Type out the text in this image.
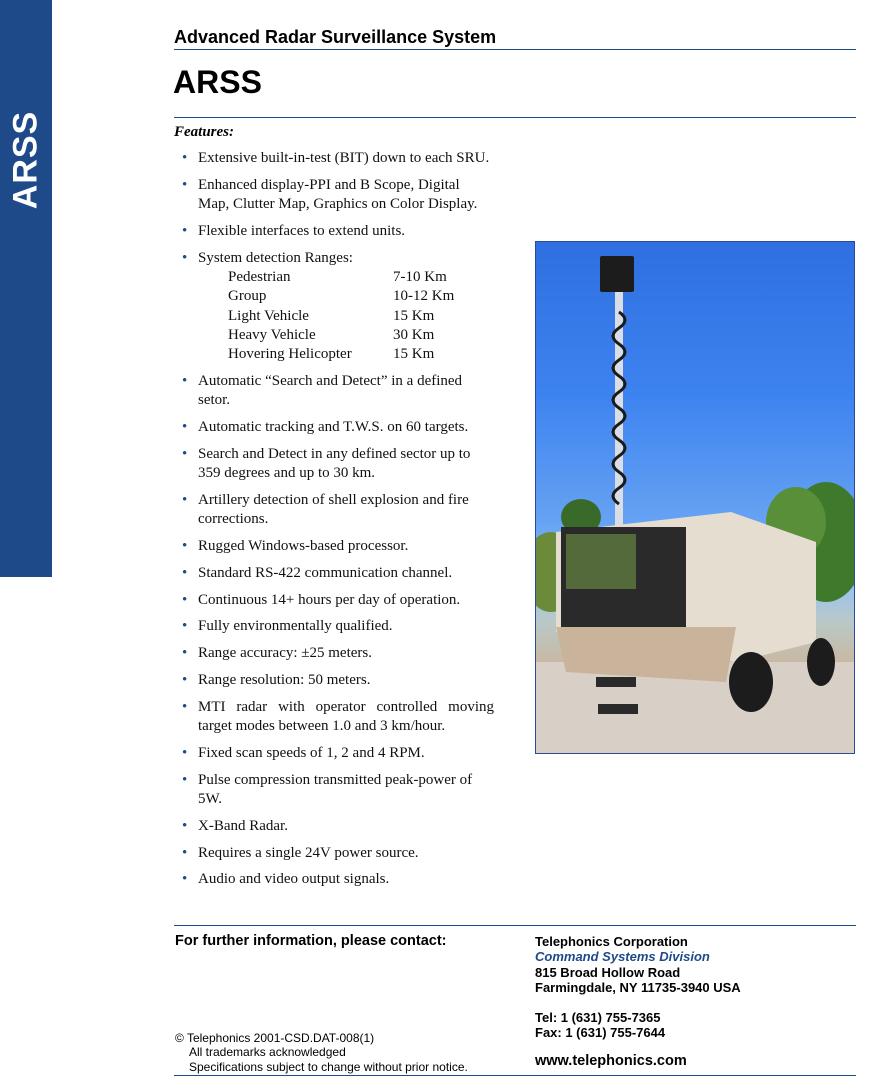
ARSS
Advanced Radar Surveillance System
ARSS
Features:
• Extensive built-in-test (BIT) down to each SRU.
• Enhanced display-PPI and B Scope, Digital Map, Clutter Map, Graphics on Color Display.
• Flexible interfaces to extend units.
• System detection Ranges:
Pedestrian	7-10 Km
Group	10-12 Km
Light Vehicle	15 Km
Heavy Vehicle	30 Km
Hovering Helicopter	15 Km
• Automatic “Search and Detect” in a defined setor.
• Automatic tracking and T.W.S. on 60 targets.
• Search and Detect in any defined sector up to 359 degrees and up to 30 km.
• Artillery detection of shell explosion and fire corrections.
• Rugged Windows-based processor.
• Standard RS-422 communication channel.
• Continuous 14+ hours per day of operation.
• Fully environmentally qualified.
• Range accuracy: ±25 meters.
• Range resolution: 50 meters.
• MTI radar with operator controlled moving target modes between 1.0 and 3 km/hour.
• Fixed scan speeds of 1, 2 and 4 RPM.
• Pulse compression transmitted peak-power of 5W.
• X-Band Radar.
• Requires a single 24V power source.
• Audio and video output signals.
For further information, please contact:	Telephonics Corporation
Command Systems Division
815 Broad Hollow Road
Farmingdale, NY 11735-3940 USA
Tel: 1 (631) 755-7365
Fax: 1 (631) 755-7644
www.telephonics.com
© Telephonics 2001-CSD.DAT-008(1)
All trademarks acknowledged
Specifications subject to change without prior notice.
